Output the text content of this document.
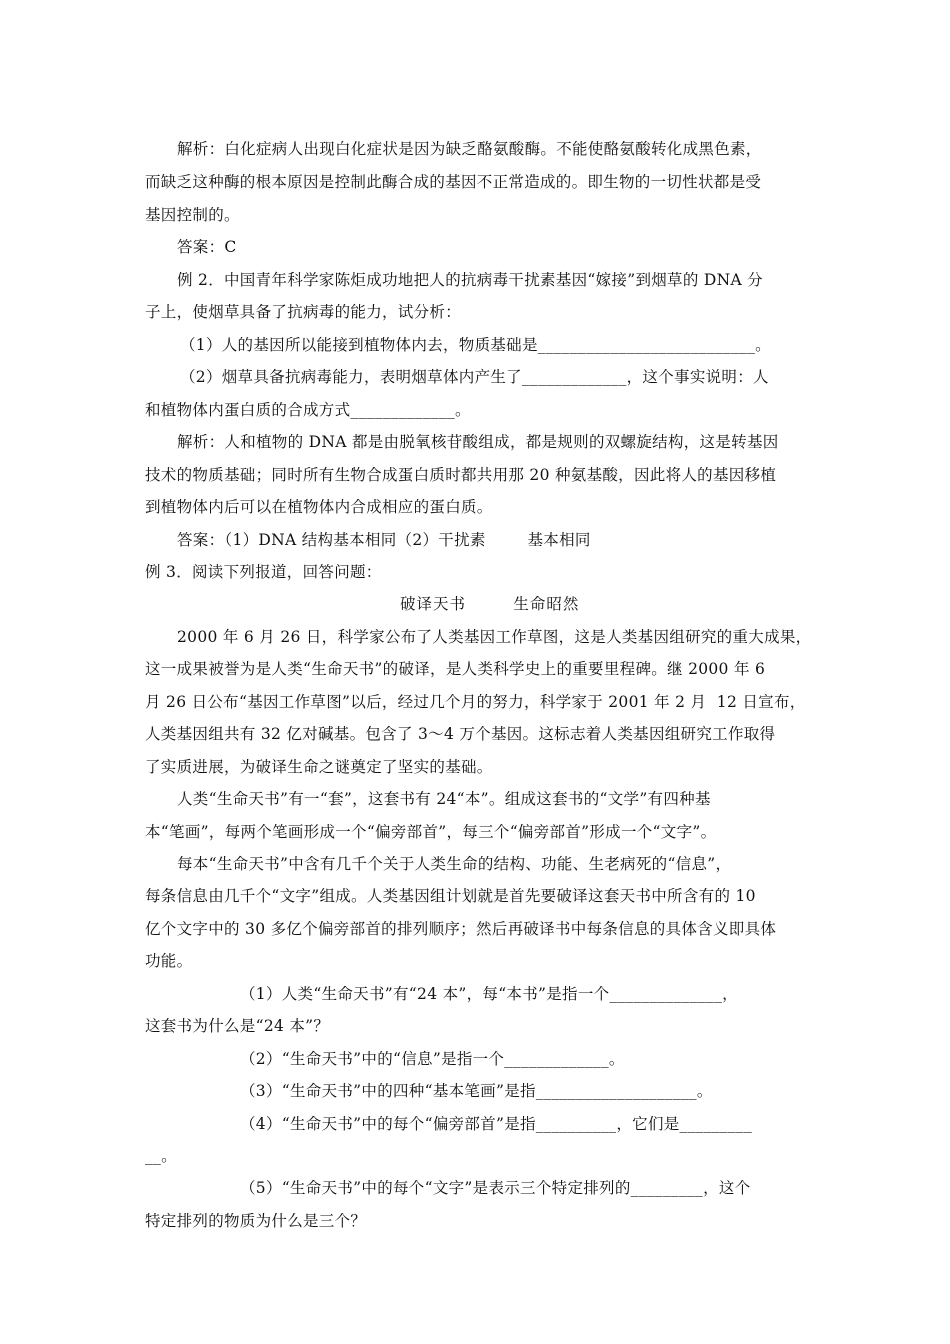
解析：白化症病人出现白化症状是因为缺乏酪氨酸酶。不能使酪氨酸转化成黑色素，
而缺乏这种酶的根本原因是控制此酶合成的基因不正常造成的。即生物的一切性状都是受
基因控制的。
答案：C
例 2．中国青年科学家陈炬成功地把人的抗病毒干扰素基因“嫁接”到烟草的 DNA 分
子上，使烟草具备了抗病毒的能力，试分析：
（1）人的基因所以能接到植物体内去，物质基础是___________________________。
（2）烟草具备抗病毒能力，表明烟草体内产生了_____________，这个事实说明：人
和植物体内蛋白质的合成方式_____________。
解析：人和植物的 DNA 都是由脱氧核苷酸组成，都是规则的双螺旋结构，这是转基因
技术的物质基础；同时所有生物合成蛋白质时都共用那 20 种氨基酸，因此将人的基因移植
到植物体内后可以在植物体内合成相应的蛋白质。
答案：（1）DNA 结构基本相同（2）干扰素        基本相同
例 3．阅读下列报道，回答问题：
破译天书        生命昭然
2000 年 6 月 26 日，科学家公布了人类基因工作草图，这是人类基因组研究的重大成果，
这一成果被誉为是人类“生命天书”的破译，是人类科学史上的重要里程碑。继 2000 年 6
月 26 日公布“基因工作草图”以后，经过几个月的努力，科学家于 2001 年 2 月  12 日宣布，
人类基因组共有 32 亿对碱基。包含了 3～4 万个基因。这标志着人类基因组研究工作取得
了实质进展，为破译生命之谜奠定了坚实的基础。
人类“生命天书”有一“套”，这套书有 24“本”。组成这套书的“文学”有四种基
本“笔画”，每两个笔画形成一个“偏旁部首”，每三个“偏旁部首”形成一个“文字”。
每本“生命天书”中含有几千个关于人类生命的结构、功能、生老病死的“信息”，
每条信息由几千个“文字”组成。人类基因组计划就是首先要破译这套天书中所含有的 10
亿个文字中的 30 多亿个偏旁部首的排列顺序；然后再破译书中每条信息的具体含义即具体
功能。
（1）人类“生命天书”有“24 本”，每“本书”是指一个______________，
这套书为什么是“24 本”？
（2）“生命天书”中的“信息”是指一个_____________。
（3）“生命天书”中的四种“基本笔画”是指____________________。
（4）“生命天书”中的每个“偏旁部首”是指__________，它们是_________
__。
（5）“生命天书”中的每个“文字”是表示三个特定排列的_________，这个
特定排列的物质为什么是三个？
